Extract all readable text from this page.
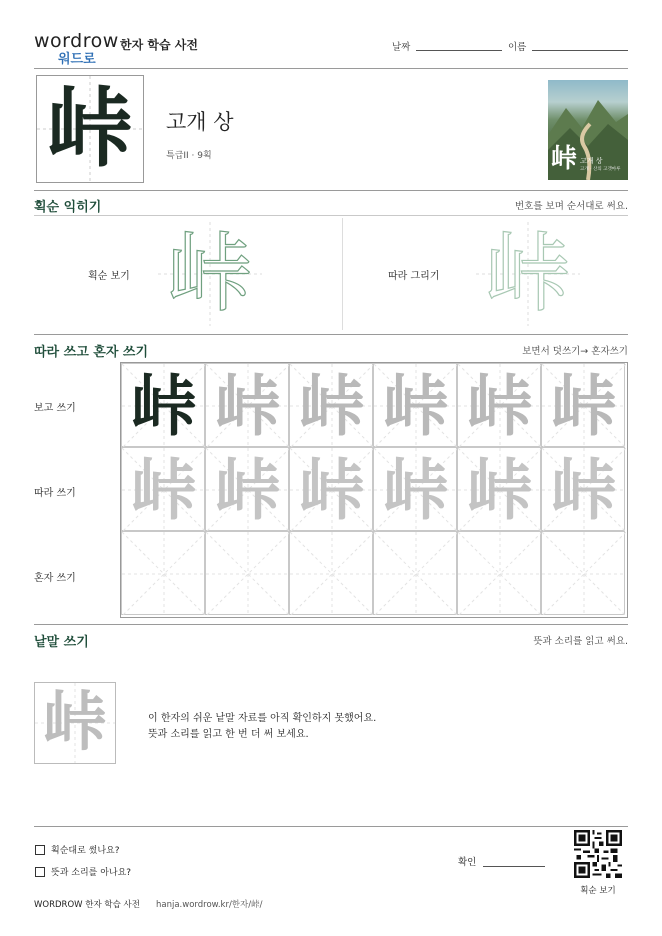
wordrow
워드로
한자 학습 사전	날짜	이름
峠	고개 상
특급II · 9획	峠 고개 상
고개 · 산의 고갯마루
획순 익히기	번호를 보며 순서대로 써요.
획순 보기 峠	따라 그리기 峠
따라 쓰고 혼자 쓰기	보면서 덧쓰기→ 혼자쓰기
보고 쓰기
따라 쓰기
혼자 쓰기
峠 峠 峠 峠 峠 峠
峠 峠 峠 峠 峠 峠
낱말 쓰기	뜻과 소리를 읽고 써요.
峠	이 한자의 쉬운 낱말 자료를 아직 확인하지 못했어요.
뜻과 소리를 읽고 한 번 더 써 보세요.
획순대로 썼나요?
뜻과 소리를 아나요?
확인
획순 보기
WORDROW 한자 학습 사전 hanja.wordrow.kr/한자/峠/
